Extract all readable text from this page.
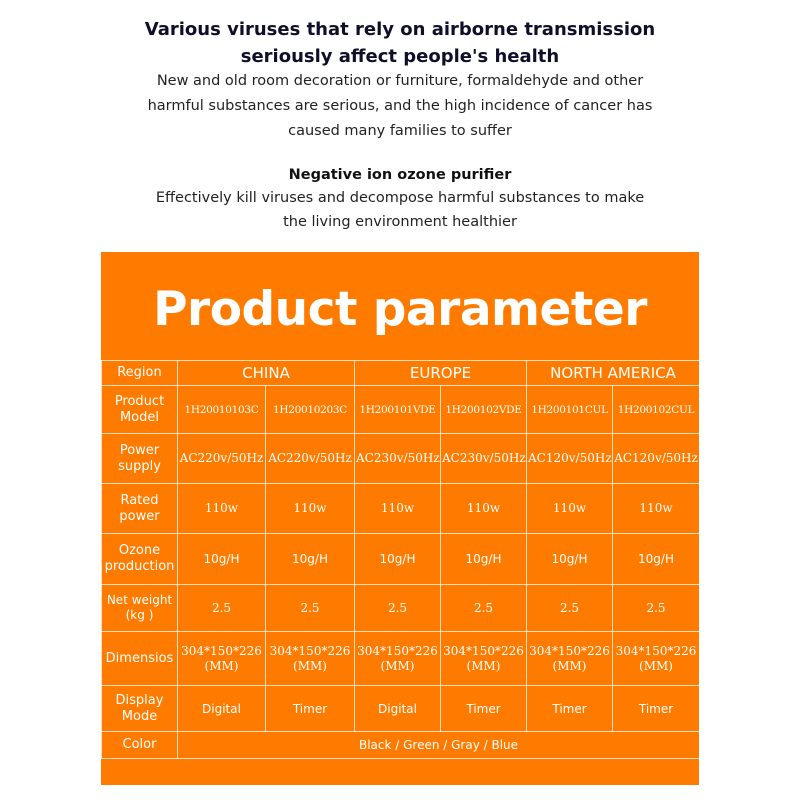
Various viruses that rely on airborne transmission
seriously affect people's health
New and old room decoration or furniture, formaldehyde and other
harmful substances are serious, and the high incidence of cancer has
caused many families to suffer
Negative ion ozone purifier
Effectively kill viruses and decompose harmful substances to make
the living environment healthier
Product parameter
Region	CHINA		EUROPE		NORTH AMERICA	
Product Model	1H20010103C	1H20010203C	1H200101VDE	1H200102VDE	1H200101CUL	1H200102CUL
Power supply	AC220v/50Hz	AC220v/50Hz	AC230v/50Hz	AC230v/50Hz	AC120v/50Hz	AC120v/50Hz
Rated power	110w	110w	110w	110w	110w	110w
Ozone production	10g/H	10g/H	10g/H	10g/H	10g/H	10g/H
Net weight (kg )	2.5	2.5	2.5	2.5	2.5	2.5
Dimensios	304*150*226 (MM)	304*150*226 (MM)	304*150*226 (MM)	304*150*226 (MM)	304*150*226 (MM)	304*150*226 (MM)
Display Mode	Digital	Timer	Digital	Timer	Timer	Timer
Color	Black / Green / Gray / Blue					
